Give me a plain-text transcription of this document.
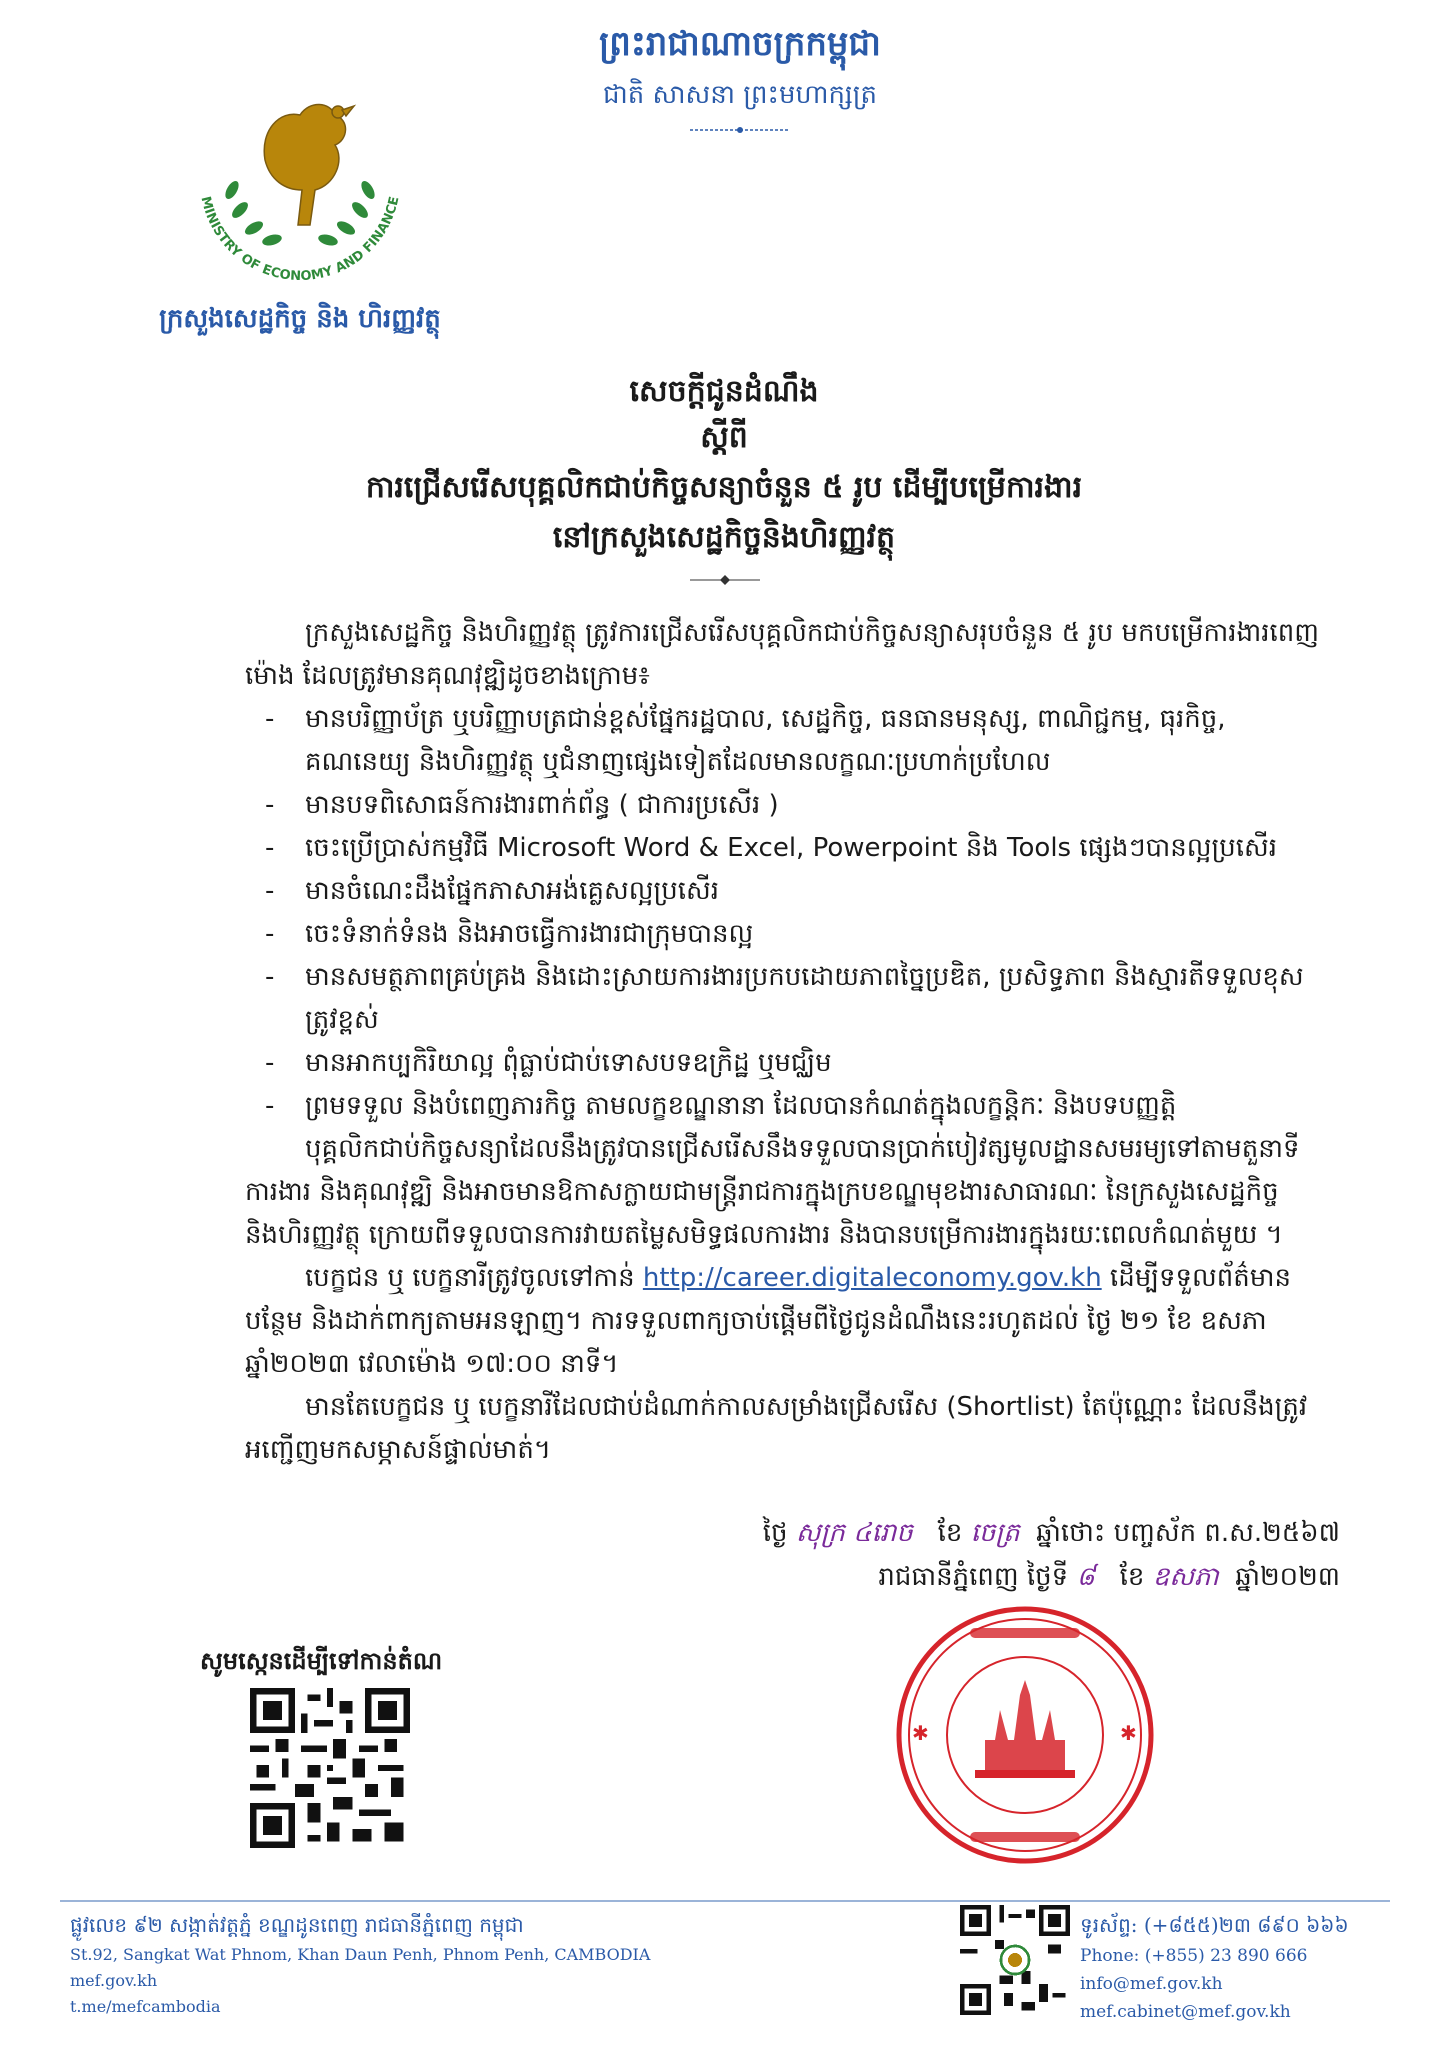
ព្រះរាជាណាចក្រកម្ពុជា
ជាតិ សាសនា ព្រះមហាក្សត្រ
MINISTRY OF ECONOMY AND FINANCE
ក្រសួងសេដ្ឋកិច្ច និង ហិរញ្ញវត្ថុ
សេចក្តីជូនដំណឹង
ស្តីពី
ការជ្រើសរើសបុគ្គលិកជាប់កិច្ចសន្យាចំនួន ៥ រូប ដើម្បីបម្រើការងារ
នៅក្រសួងសេដ្ឋកិច្ចនិងហិរញ្ញវត្ថុ

ក្រសួងសេដ្ឋកិច្ច និងហិរញ្ញវត្ថុ ត្រូវការជ្រើសរើសបុគ្គលិកជាប់កិច្ចសន្យាសរុបចំនួន ៥ រូប មកបម្រើការងារពេញម៉ោង ដែលត្រូវមានគុណវុឌ្ឍិដូចខាងក្រោម៖

- មានបរិញ្ញាប័ត្រ ឬបរិញ្ញាបត្រជាន់ខ្ពស់ផ្នែករដ្ឋបាល, សេដ្ឋកិច្ច, ធនធានមនុស្ស, ពាណិជ្ជកម្ម, ធុរកិច្ច, គណនេយ្យ និងហិរញ្ញវត្ថុ ឬជំនាញផ្សេងទៀតដែលមានលក្ខណៈប្រហាក់ប្រហែល
- មានបទពិសោធន៍ការងារពាក់ព័ន្ធ ( ជាការប្រសើរ )
- ចេះប្រើប្រាស់កម្មវិធី Microsoft Word & Excel, Powerpoint និង Tools ផ្សេងៗបានល្អប្រសើរ
- មានចំណេះដឹងផ្នែកភាសាអង់គ្លេសល្អប្រសើរ
- ចេះទំនាក់ទំនង និងអាចធ្វើការងារជាក្រុមបានល្អ
- មានសមត្ថភាពគ្រប់គ្រង និងដោះស្រាយការងារប្រកបដោយភាពច្នៃប្រឌិត, ប្រសិទ្ធភាព និងស្មារតីទទួលខុសត្រូវខ្ពស់
- មានអាកប្បកិរិយាល្អ ពុំធ្លាប់ជាប់ទោសបទឧក្រិដ្ឋ ឬមជ្ឈិម
- ព្រមទទួល និងបំពេញភារកិច្ច តាមលក្ខខណ្ឌនានា ដែលបានកំណត់ក្នុងលក្ខន្តិកៈ និងបទបញ្ញត្តិ

បុគ្គលិកជាប់កិច្ចសន្យាដែលនឹងត្រូវបានជ្រើសរើសនឹងទទួលបានប្រាក់បៀវត្សមូលដ្ឋានសមរម្យទៅតាមតួនាទីការងារ និងគុណវុឌ្ឍិ និងអាចមានឱកាសក្លាយជាមន្ត្រីរាជការក្នុងក្របខណ្ឌមុខងារសាធារណៈ នៃក្រសួងសេដ្ឋកិច្ច និងហិរញ្ញវត្ថុ ក្រោយពីទទួលបានការវាយតម្លៃសមិទ្ធផលការងារ និងបានបម្រើការងារក្នុងរយៈពេលកំណត់មួយ ។

បេក្ខជន ឬ បេក្ខនារីត្រូវចូលទៅកាន់ http://career.digitaleconomy.gov.kh ដើម្បីទទួលព័ត៌មានបន្ថែម និងដាក់ពាក្យតាមអនឡាញ។ ការទទួលពាក្យចាប់ផ្តើមពីថ្ងៃជូនដំណឹងនេះរហូតដល់ ថ្ងៃ ២១ ខែ ឧសភា ឆ្នាំ២០២៣ វេលាម៉ោង ១៧:០០ នាទី។

មានតែបេក្ខជន ឬ បេក្ខនារីដែលជាប់ដំណាក់កាលសម្រាំងជ្រើសរើស (Shortlist) តែប៉ុណ្ណោះ ដែលនឹងត្រូវអញ្ជើញមកសម្ភាសន៍ផ្ទាល់មាត់។

ថ្ងៃ សុក្រ ៤រោច ខែ ចេត្រ ឆ្នាំថោះ បញ្ចស័ក ព.ស.២៥៦៧
រាជធានីភ្នំពេញ ថ្ងៃទី ៨ ខែ ឧសភា ឆ្នាំ២០២៣
សូមស្កេនដើម្បីទៅកាន់តំណ
✱	✱
ផ្លូវលេខ ៩២ សង្កាត់វត្តភ្នំ ខណ្ឌដូនពេញ រាជធានីភ្នំពេញ កម្ពុជា
St.92, Sangkat Wat Phnom, Khan Daun Penh, Phnom Penh, CAMBODIA
mef.gov.kh
t.me/mefcambodia
ទូរស័ព្ទ: (+៨៥៥)២៣ ៨៩០ ៦៦៦
Phone: (+855) 23 890 666
info@mef.gov.kh
mef.cabinet@mef.gov.kh
